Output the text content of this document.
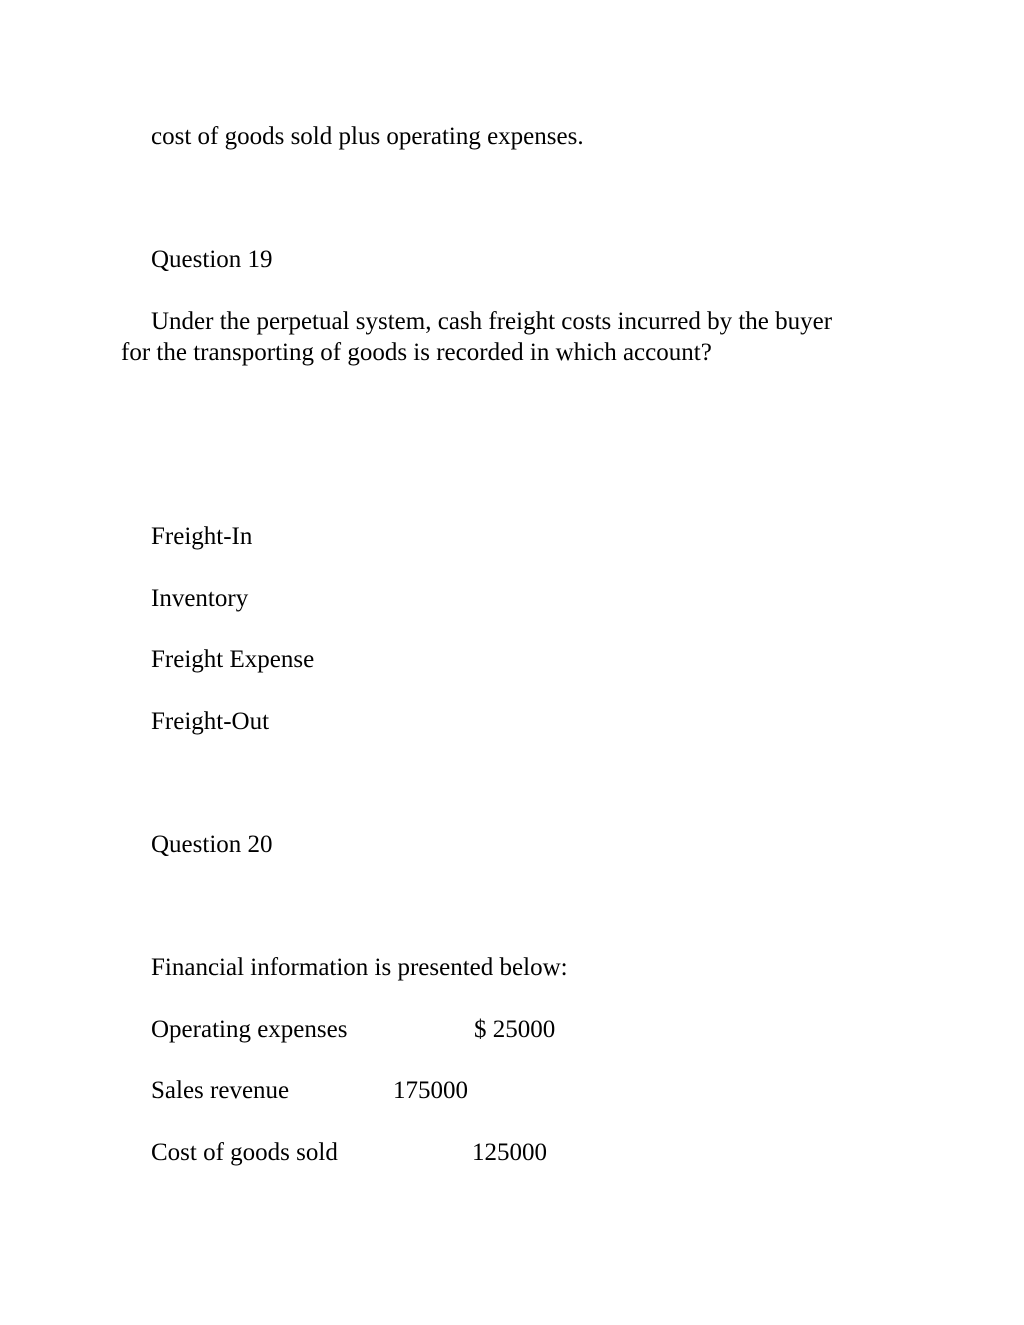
cost of goods sold plus operating expenses.
Question 19
Under the perpetual system, cash freight costs incurred by the buyer
for the transporting of goods is recorded in which account?
Freight-In
Inventory
Freight Expense
Freight-Out
Question 20
Financial information is presented below:
Operating expenses	$ 25000
Sales revenue	175000
Cost of goods sold	125000
